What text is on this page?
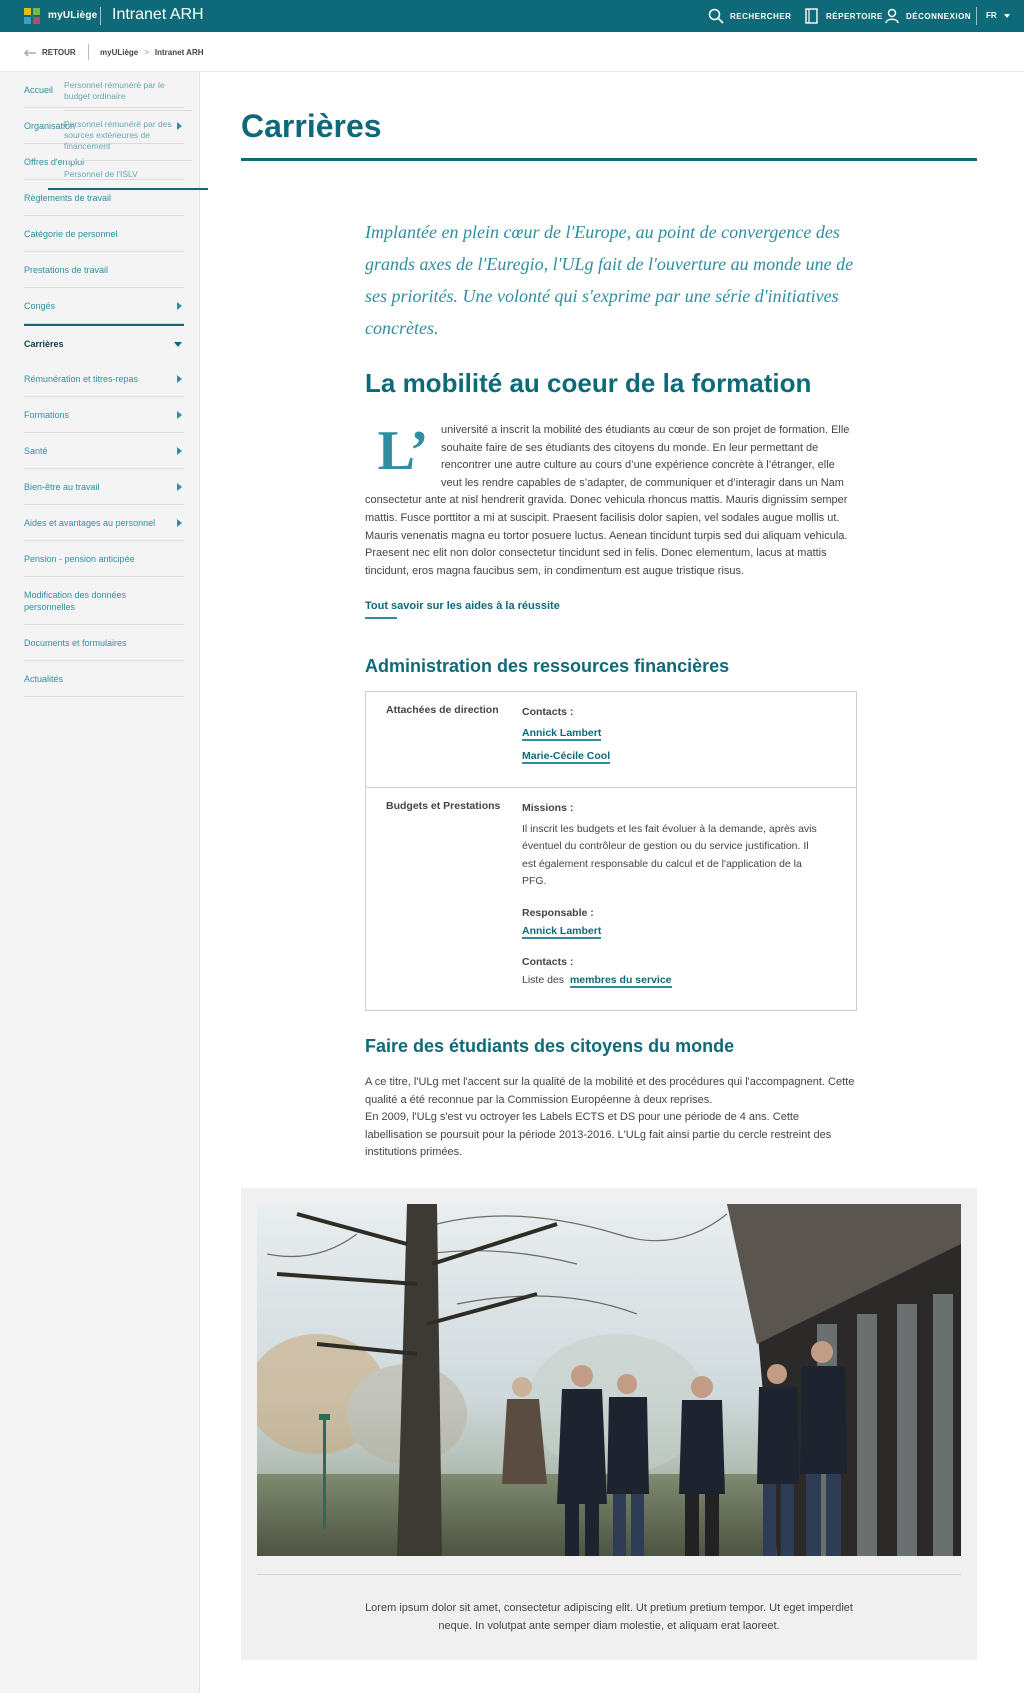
myULiège Intranet ARH	RECHERCHER	RÉPERTOIRE	DÉCONNEXION FR
RETOUR	myULiège > Intranet ARH
Accueil
Organisation
Offres d'emploi
Règlements de travail
Catégorie de personnel
Prestations de travail
Congés
Carrières
Personnel rémunéré par le budget ordinaire
Personnel rémunéré par des sources extérieures de financement
Personnel de l'ISLV
Rémunération et titres-repas
Formations
Santé
Bien-être au travail
Aides et avantages au personnel
Pension - pension anticipée
Modification des données personnelles
Documents et formulaires
Actualités
Carrières

Implantée en plein cœur de l'Europe, au point de convergence des grands axes de l'Euregio, l'ULg fait de l'ouverture au monde une de ses priorités. Une volonté qui s'exprime par une série d'initiatives concrètes.

La mobilité au coeur de la formation
L’	université a inscrit la mobilité des étudiants au cœur de son projet de formation. Elle souhaite faire de ses étudiants des citoyens du monde. En leur permettant de rencontrer une autre culture au cours d’une expérience concrète à l’étranger, elle veut les rendre capables de s’adapter, de communiquer et d’interagir dans un Nam consectetur ante at nisl hendrerit gravida. Donec vehicula rhoncus mattis. Mauris dignissim semper mattis. Fusce porttitor a mi at suscipit. Praesent facilisis dolor sapien, vel sodales augue mollis ut. Mauris venenatis magna eu tortor posuere luctus. Aenean tincidunt turpis sed dui aliquam vehicula. Praesent nec elit non dolor consectetur tincidunt sed in felis. Donec elementum, lacus at mattis tincidunt, eros magna faucibus sem, in condimentum est augue tristique risus.
Tout savoir sur les aides à la réussite
Administration des ressources financières
Attachées de direction Contacts :
Annick Lambert
Marie-Cécile Cool
Budgets et Prestations Missions :
Il inscrit les budgets et les fait évoluer à la demande, après avis éventuel du contrôleur de gestion ou du service justification. Il est également responsable du calcul et de l'application de la PFG.
Responsable :
Annick Lambert
Contacts :
Liste des membres du service
Faire des étudiants des citoyens du monde
A ce titre, l'ULg met l'accent sur la qualité de la mobilité et des procédures qui l'accompagnent. Cette qualité a été reconnue par la Commission Européenne à deux reprises.
En 2009, l'ULg s'est vu octroyer les Labels ECTS et DS pour une période de 4 ans. Cette labellisation se poursuit pour la période 2013-2016. L'ULg fait ainsi partie du cercle restreint des institutions primées.

Lorem ipsum dolor sit amet, consectetur adipiscing elit. Ut pretium pretium tempor. Ut eget imperdiet neque. In volutpat ante semper diam molestie, et aliquam erat laoreet.
